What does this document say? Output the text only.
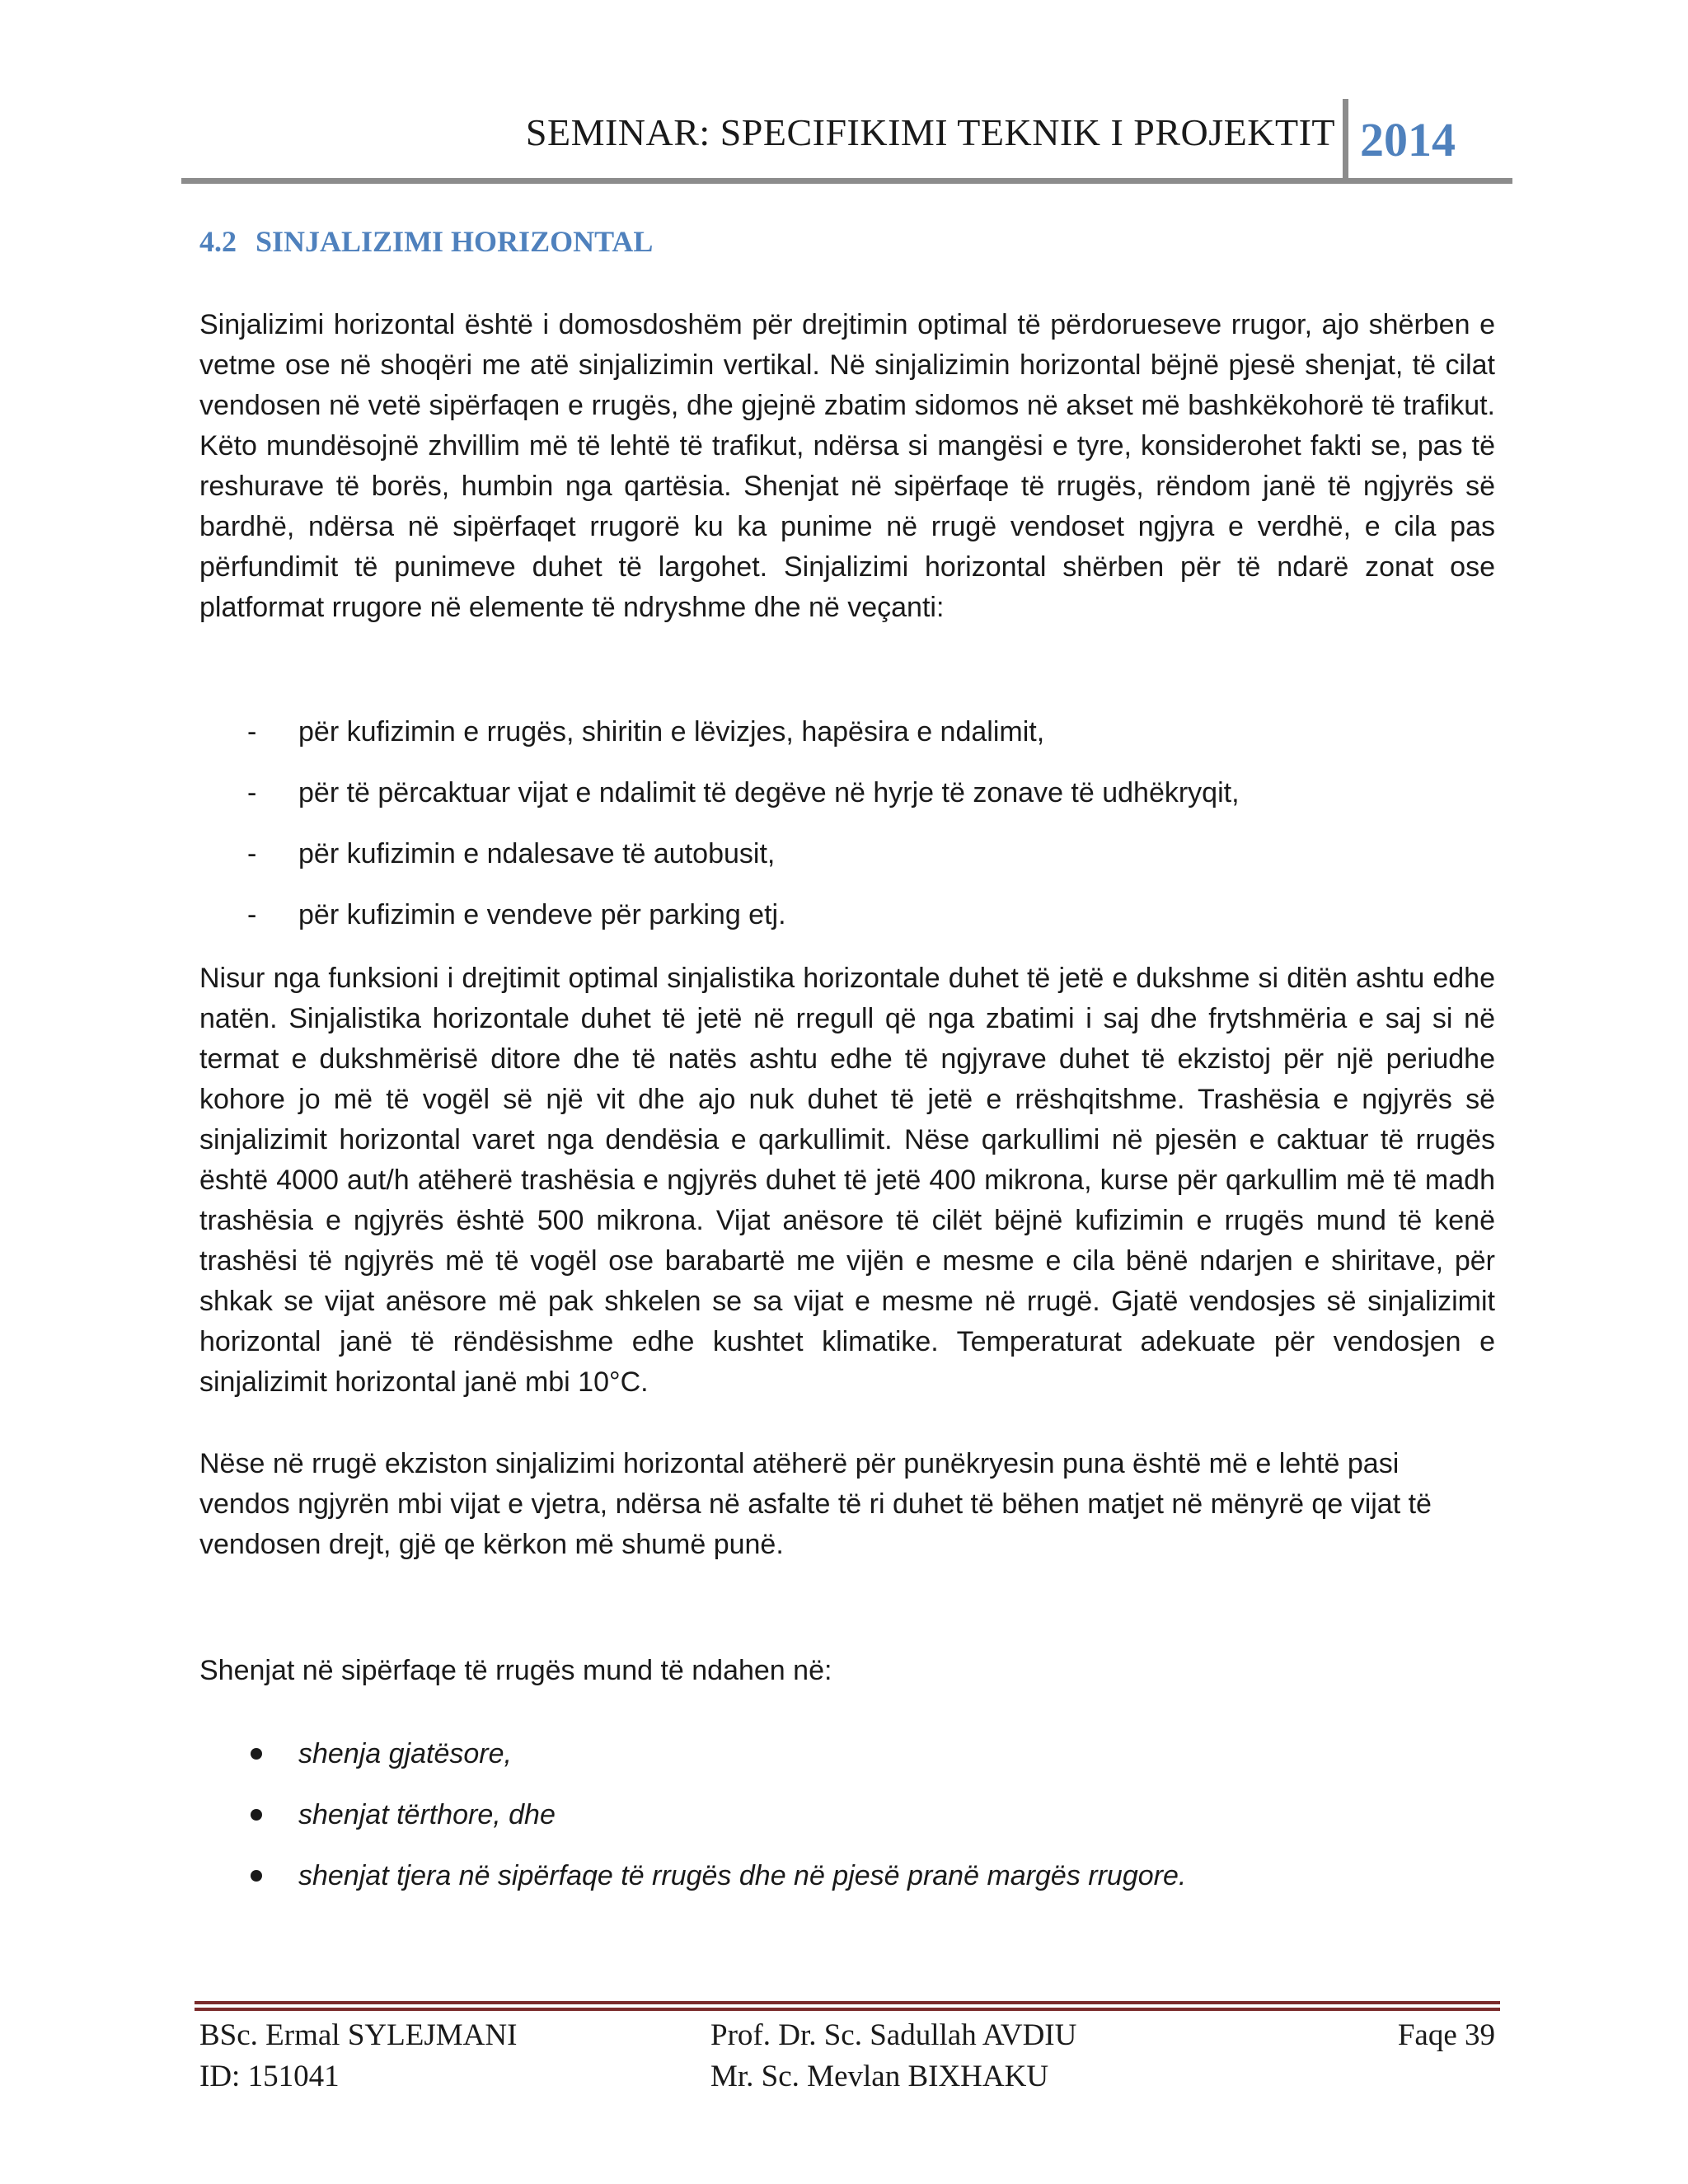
SEMINAR: SPECIFIKIMI TEKNIK I PROJEKTIT 2014
4.2 SINJALIZIMI HORIZONTAL

Sinjalizimi horizontal është i domosdoshëm për drejtimin optimal të përdorueseve rrugor, ajo shërben e vetme ose në shoqëri me atë sinjalizimin vertikal. Në sinjalizimin horizontal bëjnë pjesë shenjat, të cilat vendosen në vetë sipërfaqen e rrugës, dhe gjejnë zbatim sidomos në akset më bashkëkohorë të trafikut. Këto mundësojnë zhvillim më të lehtë të trafikut, ndërsa si mangësi e tyre, konsiderohet fakti se, pas të reshurave të borës, humbin nga qartësia. Shenjat në sipërfaqe të rrugës, rëndom janë të ngjyrës së bardhë, ndërsa në sipërfaqet rrugorë ku ka punime në rrugë vendoset ngjyra e verdhë, e cila pas përfundimit të punimeve duhet të largohet. Sinjalizimi horizontal shërben për të ndarë zonat ose platformat rrugore në elemente të ndryshme dhe në veçanti:

- për kufizimin e rrugës, shiritin e lëvizjes, hapësira e ndalimit,
- për të përcaktuar vijat e ndalimit të degëve në hyrje të zonave të udhëkryqit,
- për kufizimin e ndalesave të autobusit,
- për kufizimin e vendeve për parking etj.

Nisur nga funksioni i drejtimit optimal sinjalistika horizontale duhet të jetë e dukshme si ditën ashtu edhe natën. Sinjalistika horizontale duhet të jetë në rregull që nga zbatimi i saj dhe frytshmëria e saj si në termat e dukshmërisë ditore dhe të natës ashtu edhe të ngjyrave duhet të ekzistoj për një periudhe kohore jo më të vogël së një vit dhe ajo nuk duhet të jetë e rrëshqitshme. Trashësia e ngjyrës së sinjalizimit horizontal varet nga dendësia e qarkullimit. Nëse qarkullimi në pjesën e caktuar të rrugës është 4000 aut/h atëherë trashësia e ngjyrës duhet të jetë 400 mikrona, kurse për qarkullim më të madh trashësia e ngjyrës është 500 mikrona. Vijat anësore të cilët bëjnë kufizimin e rrugës mund të kenë trashësi të ngjyrës më të vogël ose barabartë me vijën e mesme e cila bënë ndarjen e shiritave, për shkak se vijat anësore më pak shkelen se sa vijat e mesme në rrugë. Gjatë vendosjes së sinjalizimit horizontal janë të rëndësishme edhe kushtet klimatike. Temperaturat adekuate për vendosjen e sinjalizimit horizontal janë mbi 10°C.

Nëse në rrugë ekziston sinjalizimi horizontal atëherë për punëkryesin puna është më e lehtë pasi vendos ngjyrën mbi vijat e vjetra, ndërsa në asfalte të ri duhet të bëhen matjet në mënyrë qe vijat të vendosen drejt, gjë qe kërkon më shumë punë.

Shenjat në sipërfaqe të rrugës mund të ndahen në:

shenja gjatësore,
shenjat tërthore, dhe
shenjat tjera në sipërfaqe të rrugës dhe në pjesë pranë margës rrugore.
BSc. Ermal SYLEJMANI
ID: 151041
Prof. Dr. Sc. Sadullah AVDIU
Mr. Sc. Mevlan BIXHAKU
Faqe 39
